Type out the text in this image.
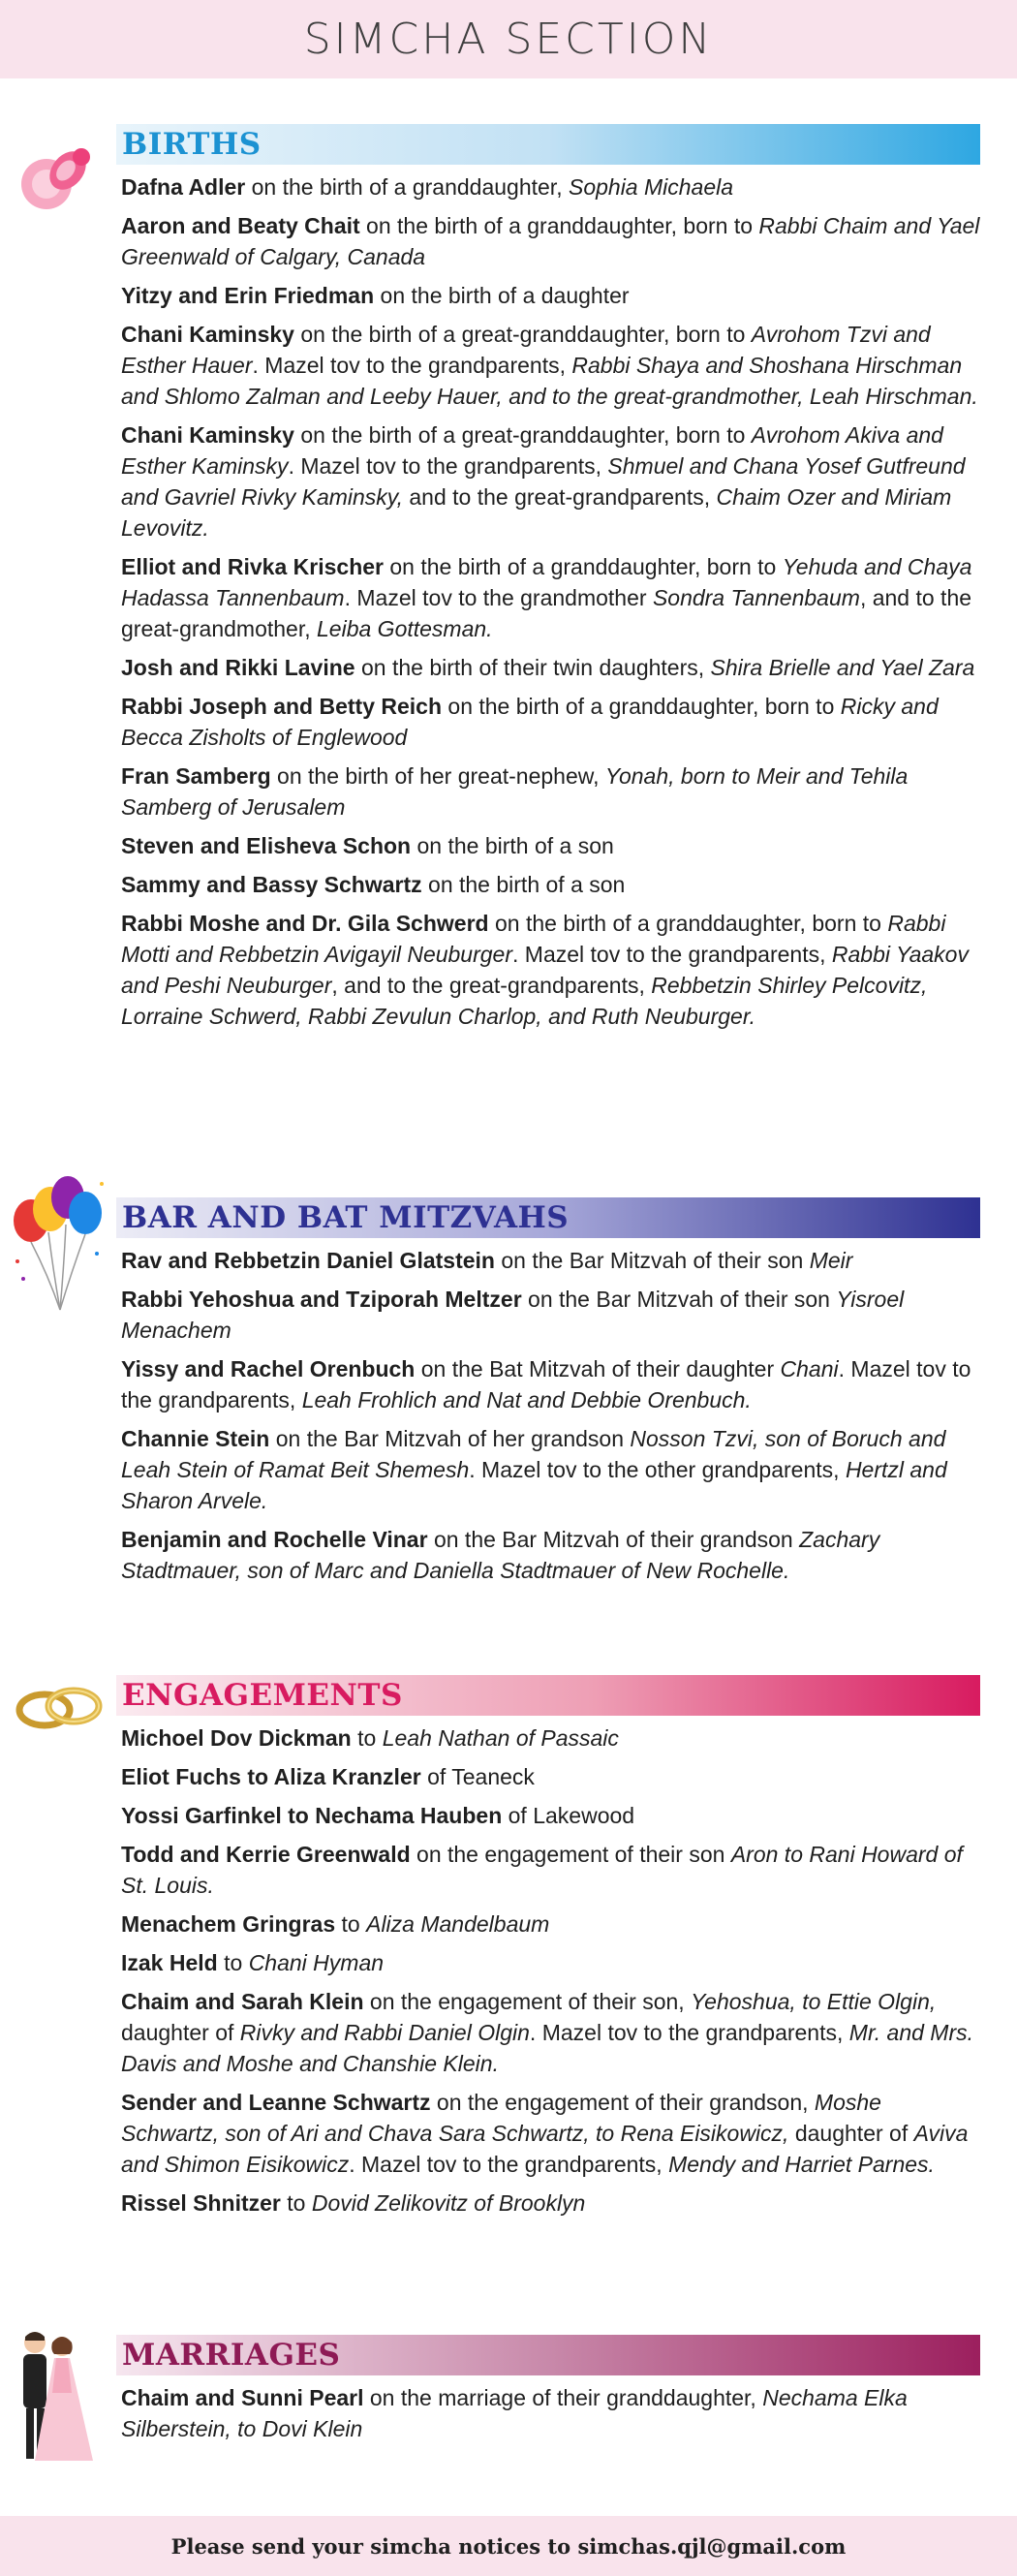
SIMCHA SECTION
BIRTHS

Dafna Adler on the birth of a granddaughter, Sophia Michaela

Aaron and Beaty Chait on the birth of a granddaughter, born to Rabbi Chaim and Yael Greenwald of Calgary, Canada

Yitzy and Erin Friedman on the birth of a daughter

Chani Kaminsky on the birth of a great-granddaughter, born to Avrohom Tzvi and Esther Hauer. Mazel tov to the grandparents, Rabbi Shaya and Shoshana Hirschman and Shlomo Zalman and Leeby Hauer, and to the great-grandmother, Leah Hirschman.

Chani Kaminsky on the birth of a great-granddaughter, born to Avrohom Akiva and Esther Kaminsky. Mazel tov to the grandparents, Shmuel and Chana Yosef Gutfreund and Gavriel Rivky Kaminsky, and to the great-grandparents, Chaim Ozer and Miriam Levovitz.

Elliot and Rivka Krischer on the birth of a granddaughter, born to Yehuda and Chaya Hadassa Tannenbaum. Mazel tov to the grandmother Sondra Tannenbaum, and to the great-grandmother, Leiba Gottesman.

Josh and Rikki Lavine on the birth of their twin daughters, Shira Brielle and Yael Zara

Rabbi Joseph and Betty Reich on the birth of a granddaughter, born to Ricky and Becca Zisholts of Englewood

Fran Samberg on the birth of her great-nephew, Yonah, born to Meir and Tehila Samberg of Jerusalem

Steven and Elisheva Schon on the birth of a son

Sammy and Bassy Schwartz on the birth of a son

Rabbi Moshe and Dr. Gila Schwerd on the birth of a granddaughter, born to Rabbi Motti and Rebbetzin Avigayil Neuburger. Mazel tov to the grandparents, Rabbi Yaakov and Peshi Neuburger, and to the great-grandparents, Rebbetzin Shirley Pelcovitz, Lorraine Schwerd, Rabbi Zevulun Charlop, and Ruth Neuburger.

BAR AND BAT MITZVAHS

Rav and Rebbetzin Daniel Glatstein on the Bar Mitzvah of their son Meir

Rabbi Yehoshua and Tziporah Meltzer on the Bar Mitzvah of their son Yisroel Menachem

Yissy and Rachel Orenbuch on the Bat Mitzvah of their daughter Chani. Mazel tov to the grandparents, Leah Frohlich and Nat and Debbie Orenbuch.

Channie Stein on the Bar Mitzvah of her grandson Nosson Tzvi, son of Boruch and Leah Stein of Ramat Beit Shemesh. Mazel tov to the other grandparents, Hertzl and Sharon Arvele.

Benjamin and Rochelle Vinar on the Bar Mitzvah of their grandson Zachary Stadtmauer, son of Marc and Daniella Stadtmauer of New Rochelle.

ENGAGEMENTS

Michoel Dov Dickman to Leah Nathan of Passaic

Eliot Fuchs to Aliza Kranzler of Teaneck

Yossi Garfinkel to Nechama Hauben of Lakewood

Todd and Kerrie Greenwald on the engagement of their son Aron to Rani Howard of St. Louis.

Menachem Gringras to Aliza Mandelbaum

Izak Held to Chani Hyman

Chaim and Sarah Klein on the engagement of their son, Yehoshua, to Ettie Olgin, daughter of Rivky and Rabbi Daniel Olgin. Mazel tov to the grandparents, Mr. and Mrs. Davis and Moshe and Chanshie Klein.

Sender and Leanne Schwartz on the engagement of their grandson, Moshe Schwartz, son of Ari and Chava Sara Schwartz, to Rena Eisikowicz, daughter of Aviva and Shimon Eisikowicz. Mazel tov to the grandparents, Mendy and Harriet Parnes.

Rissel Shnitzer to Dovid Zelikovitz of Brooklyn

MARRIAGES

Chaim and Sunni Pearl on the marriage of their granddaughter, Nechama Elka Silberstein, to Dovi Klein

Please send your simcha notices to simchas.qjl@gmail.com
